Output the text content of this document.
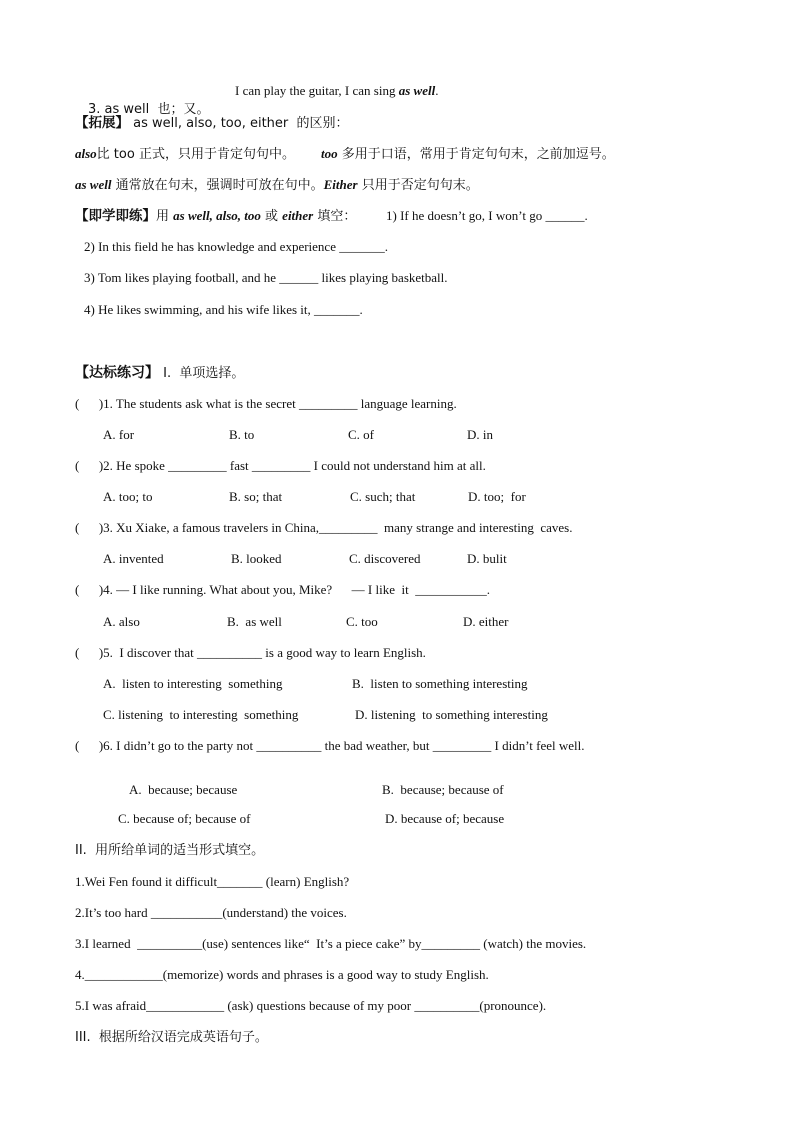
3. as well  也；又。

I can play the guitar, I can sing as well.
【拓展】 as well, also, too, either  的区别：
also比 too 正式，只用于肯定句句中。 too 多用于口语，常用于肯定句句末，之前加逗号。
as well 通常放在句末，强调时可放在句中。Either 只用于否定句句末。
【即学即练】用 as well, also, too 或 either 填空： 1) If he doesn’t go, I won’t go ______.
2) In this field he has knowledge and experience _______.
3) Tom likes playing football, and he ______ likes playing basketball.
4) He likes swimming, and his wife likes it, _______.
【达标练习】 I.  单项选择。
(      )1. The students ask what is the secret _________ language learning.
A. for	B. to	C. of	D. in
(      )2. He spoke _________ fast _________ I could not understand him at all.
A. too; to	B. so; that	C. such; that	D. too;  for
(      )3. Xu Xiake, a famous travelers in China,_________  many strange and interesting  caves.
A. invented	B. looked	C. discovered	D. bulit
(      )4. — I like running. What about you, Mike?      — I like  it  ___________.
A. also	B.  as well	C. too	D. either
(      )5.  I discover that __________ is a good way to learn English.
A.  listen to interesting  something	B.  listen to something interesting
C. listening  to interesting  something	D. listening  to something interesting
(      )6. I didn’t go to the party not __________ the bad weather, but _________ I didn’t feel well.
A.  because; because	B.  because; because of
C. because of; because of	D. because of; because
II.  用所给单词的适当形式填空。
1.Wei Fen found it difficult_______ (learn) English?
2.It’s too hard ___________(understand) the voices.
3.I learned  __________(use) sentences like“  It’s a piece cake” by_________ (watch) the movies.
4.____________(memorize) words and phrases is a good way to study English.
5.I was afraid____________ (ask) questions because of my poor __________(pronounce).
III.  根据所给汉语完成英语句子。
